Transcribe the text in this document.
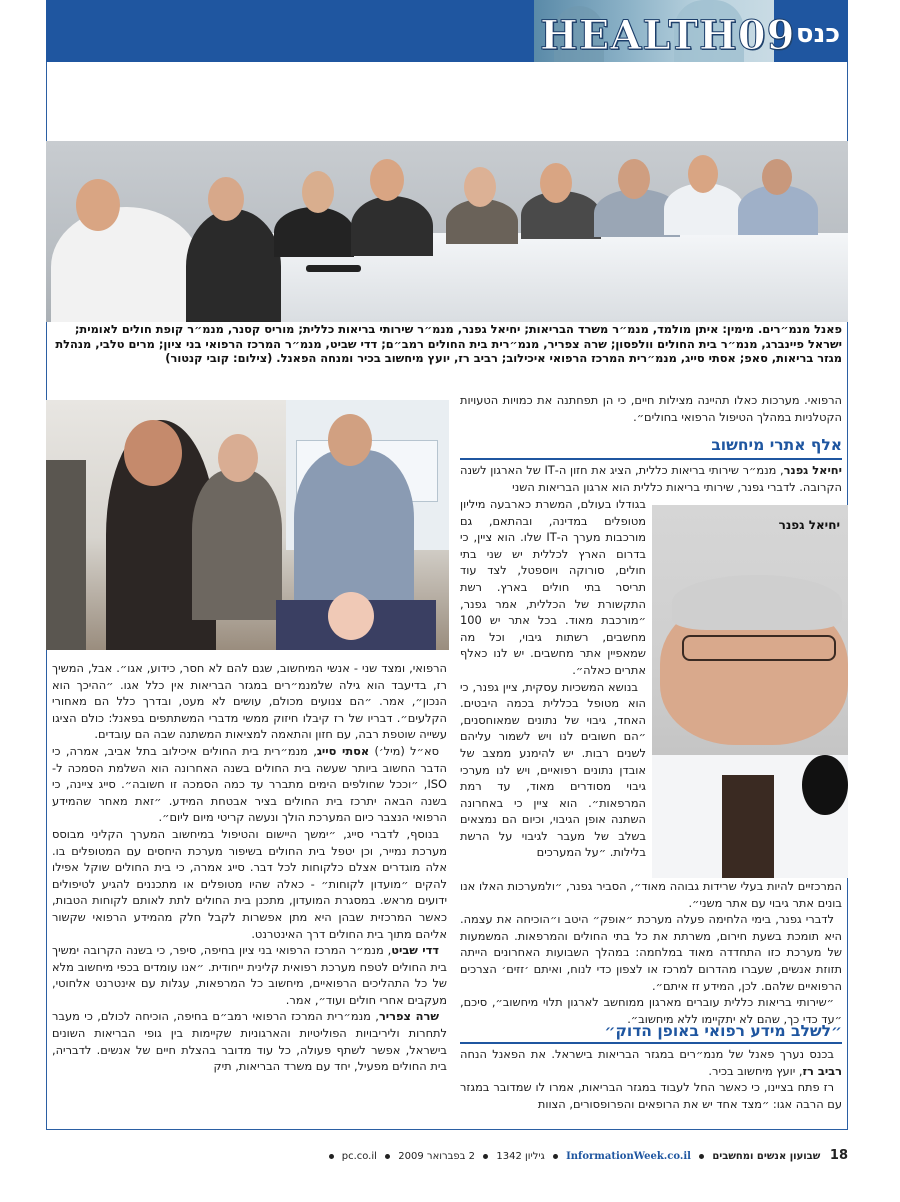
HEALTH09 כנס
פאנל מנמ״רים. מימין: איתן מולמד, מנמ״ר משרד הבריאות; יחיאל גפנר, מנמ״ר שירותי בריאות כללית; מוריס קסנר, מנמ״ר קופת חולים לאומית; ישראל פיינברג, מנמ״ר בית החולים וולפסון; שרה צפריר, מנמ״רית בית החולים רמב״ם; דדי שביט, מנמ״ר המרכז הרפואי בני ציון; מרים טלבי, מנהלת מגזר בריאות, סאפ; אסתי סייג, מנמ״רית המרכז הרפואי איכילוב; רביב רז, יועץ מיחשוב בכיר ומנחה הפאנל. (צילום: קובי קנטור)

הרפואי. מערכות כאלו תהיינה מצילות חיים, כי הן תפחתנה את כמויות הטעויות הקטלניות במהלך הטיפול הרפואי בחולים״.

אלף אתרי מיחשוב

יחיאל גפנר, מנמ״ר שירותי בריאות כללית, הציג את חזון ה-IT של הארגון לשנה הקרובה. לדברי גפנר, שירותי בריאות כללית הוא ארגון הבריאות השני

בגודלו בעולם, המשרת כארבעה מיליון מטופלים במדינה, ובהתאם, גם מורכבות מערך ה-IT שלו. הוא ציין, כי בדרום הארץ לכללית יש שני בתי חולים, סורוקה ויוספטל, לצד עוד תריסר בתי חולים בארץ. רשת התקשורת של הכללית, אמר גפנר, ״מורכבת מאוד. בכל אתר יש 100 מחשבים, רשתות גיבוי, וכל מה שמאפיין אתר מחשבים. יש לנו כאלף אתרים כאלה״.

בנושא המשכיות עסקית, ציין גפנר, כי הוא מטופל בכללית בכמה היבטים. האחד, גיבוי של נתונים שמאוחסנים, ״הם חשובים לנו ויש לשמור עליהם לשנים רבות. יש להימנע ממצב של אובדן נתונים רפואיים, ויש לנו מערכי גיבוי מסודרים מאוד, עד רמת המרפאות״. הוא ציין כי באחרונה השתנה אופן הגיבוי, וכיום הם נמצאים בשלב של מעבר לגיבוי על הרשת בלילות. ״על המערכים

יחיאל גפנר

המרכזיים להיות בעלי שרידות גבוהה מאוד״, הסביר גפנר, ״ולמערכות האלו אנו בונים אתר גיבוי עם אתר משני״.

לדברי גפנר, בימי הלחימה פעלה מערכת ״אופק״ היטב ו״הוכיחה את עצמה. היא תומכת בשעת חירום, משרתת את כל בתי החולים והמרפאות. המשמעות של מערכת כזו התחדדה מאוד במלחמה: במהלך השבועות האחרונים הייתה תזוזת אנשים, שעברו מהדרום למרכז או לצפון כדי לנוח, ואיתם ׳זזים׳ הצרכים הרפואיים שלהם. לכן, המידע זז איתם״.

״שירותי בריאות כללית עוברים מארגון ממוחשב לארגון תלוי מיחשוב״, סיכם, ״עד כדי כך, שהם לא יתקיימו ללא מיחשוב״.

״לשלב מידע רפואי באופן הדוק״

בכנס נערך פאנל של מנמ״רים במגזר הבריאות בישראל. את הפאנל הנחה רביב רז, יועץ מיחשוב בכיר.

רז פתח בציינו, כי כאשר החל לעבוד במגזר הבריאות, אמרו לו שמדובר במגזר עם הרבה אגו: ״מצד אחד יש את הרופאים והפרופסורים, הצוות

הרפואי, ומצד שני - אנשי המיחשוב, שגם להם לא חסר, כידוע, אגו״. אבל, המשיך רז, בדיעבד הוא גילה שלמנמ״רים במגזר הבריאות אין כלל אגו. ״ההיכך הוא הנכון״, אמר. ״הם צנועים מכולם, עושים לא מעט, ובדרך כלל הם מאחורי הקלעים״. דבריו של רז קיבלו חיזוק ממשי מדברי המשתתפים בפאנל: כולם הציגו עשייה שוטפת רבה, עם חזון והתאמה למציאות המשתנה שבה הם עובדים.

סא״ל (מיל׳) אסתי סייג, מנמ״רית בית החולים איכילוב בתל אביב, אמרה, כי הדבר החשוב ביותר שעשה בית החולים בשנה האחרונה הוא השלמת הסמכה ל-ISO, ״וככל שחולפים הימים מתברר עד כמה הסמכה זו חשובה״. סייג ציינה, כי בשנה הבאה יתרכז בית החולים בציר אבטחת המידע. ״זאת מאחר שהמידע הרפואי הנצבר כיום המערכת הולך ונעשה קריטי מיום ליום״.

בנוסף, לדברי סייג, ״ימשך היישום והטיפול במיחשוב המערך הקליני מבוסס מערכת נמייר, וכן יטפל בית החולים בשיפור מערכת היחסים עם המטופלים בו. אלה מוגדרים אצלם כלקוחות לכל דבר. סייג אמרה, כי בית החולים שוקל אפילו להקים ״מועדון לקוחות״ - כאלה שהיו מטופלים או מתכננים להגיע לטיפולים ידועים מראש. במסגרת המועדון, מתכנן בית החולים לתת לאותם לקוחות הטבות, כאשר המרכזית שבהן היא מתן אפשרות לקבל חלק מהמידע הרפואי שקשור אליהם מתוך בית החולים דרך האינטרנט.

דדי שביט, מנמ״ר המרכז הרפואי בני ציון בחיפה, סיפר, כי בשנה הקרובה ימשיך בית החולים לטפח מערכת רפואית קלינית ייחודית. ״אנו עומדים בכפי מיחשוב מלא של כל התהליכים הרפואיים, מיחשוב כל המרפאות, עגלות עם אינטרנט אלחוטי, מעקבים אחרי חולים ועוד״, אמר.

שרה צפריר, מנמ״רית המרכז הרפואי רמב״ם בחיפה, הוכיחה לכולם, כי מעבר לתחרות וליריבויות הפוליטיות והארגוניות שקיימות בין גופי הבריאות השונים בישראל, אפשר לשתף פעולה, כל עוד מדובר בהצלת חיים של אנשים. לדבריה, בית החולים מפעיל, יחד עם משרד הבריאות, תיק

18   שבועון אנשים ומחשבים  InformationWeek.co.il  גיליון 1342  2 בפברואר 2009  pc.co.il
